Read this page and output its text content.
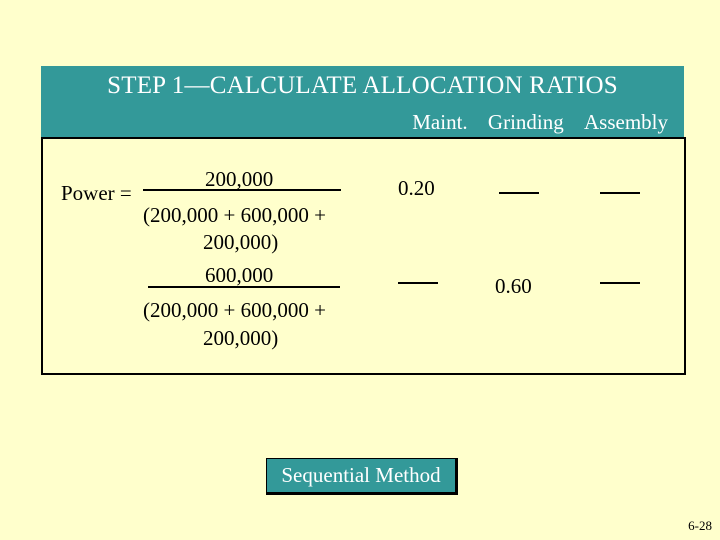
STEP 1—CALCULATE ALLOCATION RATIOS
Maint. Grinding Assembly
Power =
200,000
(200,000 + 600,000 +
200,000)
0.20
600,000
(200,000 + 600,000 +
200,000)
0.60
Sequential Method
6-28
